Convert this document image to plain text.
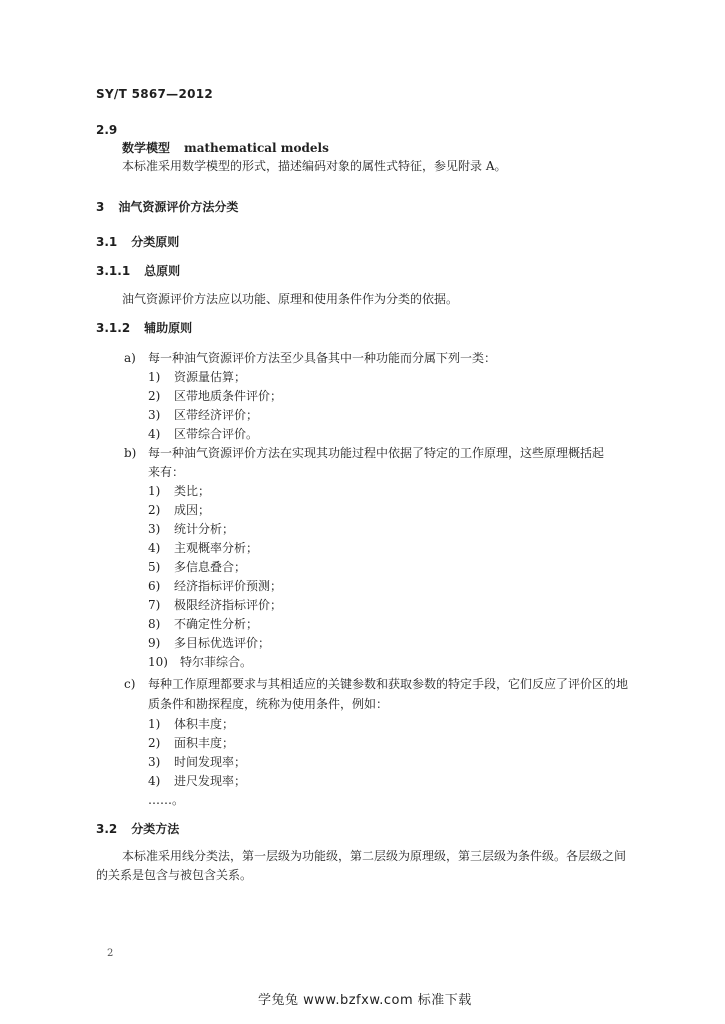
SY/T 5867—2012
2.9
数学模型 mathematical models
本标准采用数学模型的形式，描述编码对象的属性式特征，参见附录 A。
3 油气资源评价方法分类
3.1 分类原则
3.1.1 总原则
油气资源评价方法应以功能、原理和使用条件作为分类的依据。
3.1.2 辅助原则
a) 每一种油气资源评价方法至少具备其中一种功能而分属下列一类：
1) 资源量估算；
2) 区带地质条件评价；
3) 区带经济评价；
4) 区带综合评价。
b) 每一种油气资源评价方法在实现其功能过程中依据了特定的工作原理，这些原理概括起
来有：
1) 类比；
2) 成因；
3) 统计分析；
4) 主观概率分析；
5) 多信息叠合；
6) 经济指标评价预测；
7) 极限经济指标评价；
8) 不确定性分析；
9) 多目标优选评价；
10) 特尔菲综合。
c) 每种工作原理都要求与其相适应的关键参数和获取参数的特定手段，它们反应了评价区的地
质条件和勘探程度，统称为使用条件，例如：
1) 体积丰度；
2) 面积丰度；
3) 时间发现率；
4) 进尺发现率；
……。
3.2 分类方法
本标准采用线分类法，第一层级为功能级，第二层级为原理级，第三层级为条件级。各层级之间
的关系是包含与被包含关系。
2
学兔兔 www.bzfxw.com 标准下载
